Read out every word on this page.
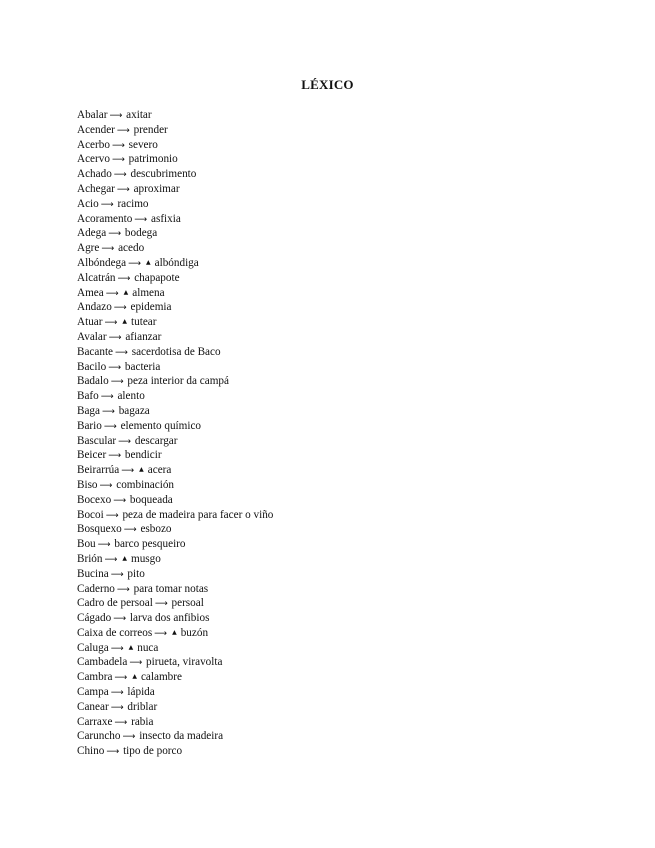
LÉXICO
Abalar ⟶ axitar
Acender ⟶ prender
Acerbo ⟶ severo
Acervo ⟶ patrimonio
Achado ⟶ descubrimento
Achegar ⟶ aproximar
Acio ⟶ racimo
Acoramento ⟶ asfixia
Adega ⟶ bodega
Agre ⟶ acedo
Albóndega ⟶ ▲ albóndiga
Alcatrán ⟶ chapapote
Amea ⟶ ▲ almena
Andazo ⟶ epidemia
Atuar ⟶ ▲ tutear
Avalar ⟶ afianzar
Bacante ⟶ sacerdotisa de Baco
Bacilo ⟶ bacteria
Badalo ⟶ peza interior da campá
Bafo ⟶ alento
Baga ⟶ bagaza
Bario ⟶ elemento químico
Bascular ⟶ descargar
Beicer ⟶ bendicir
Beirarrúa ⟶ ▲ acera
Biso ⟶ combinación
Bocexo ⟶ boqueada
Bocoi ⟶ peza de madeira para facer o viño
Bosquexo ⟶ esbozo
Bou ⟶ barco pesqueiro
Brión ⟶ ▲ musgo
Bucina ⟶ pito
Caderno ⟶ para tomar notas
Cadro de persoal ⟶ persoal
Cágado ⟶ larva dos anfibios
Caixa de correos ⟶ ▲ buzón
Caluga ⟶ ▲ nuca
Cambadela ⟶ pirueta, viravolta
Cambra ⟶ ▲ calambre
Campa ⟶ lápida
Canear ⟶ driblar
Carraxe ⟶ rabia
Caruncho ⟶ insecto da madeira
Chino ⟶ tipo de porco
